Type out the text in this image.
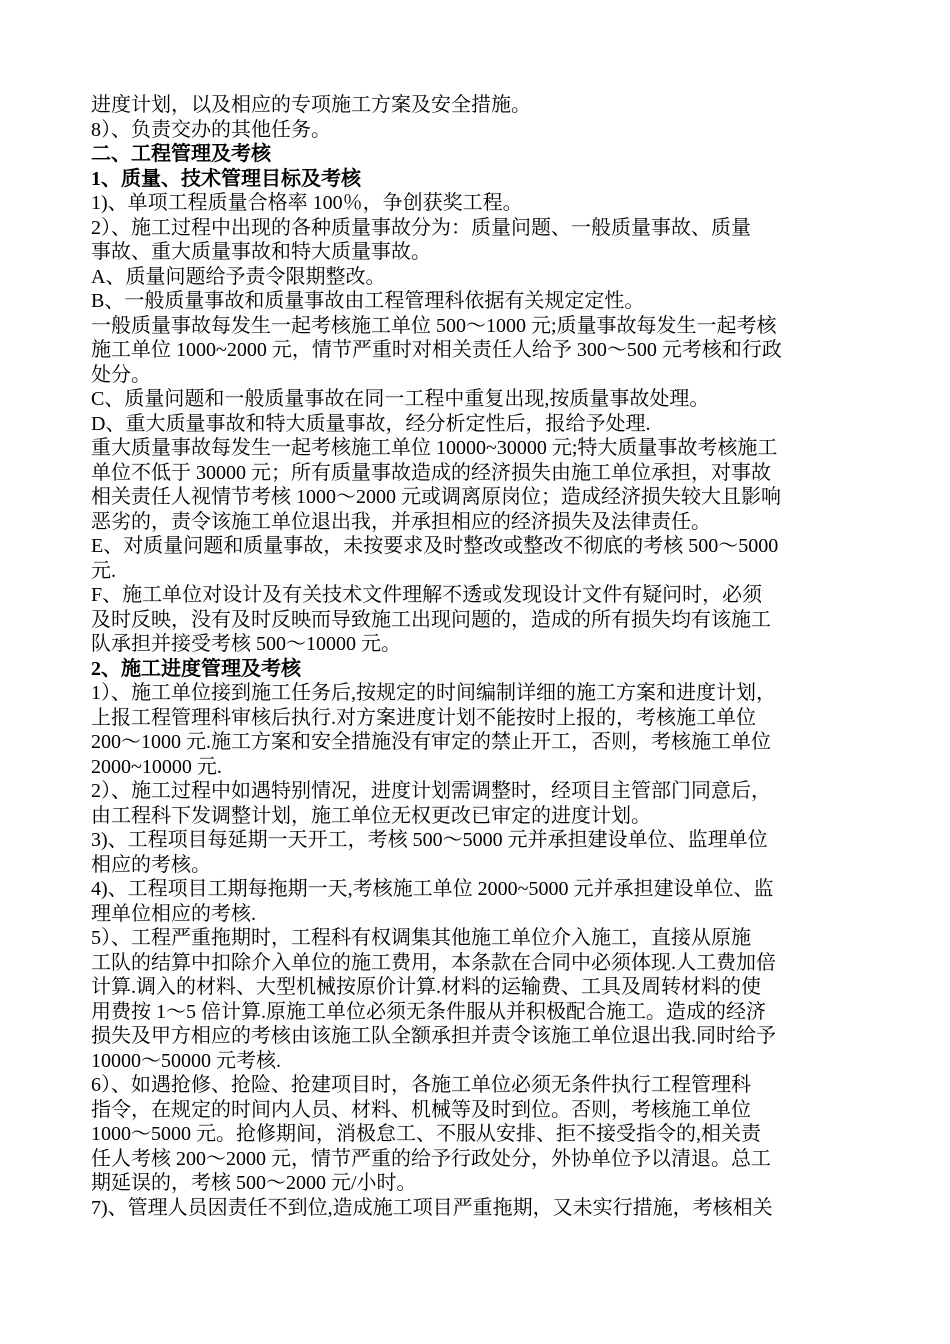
进度计划，以及相应的专项施工方案及安全措施。
8）、负责交办的其他任务。
二、工程管理及考核
1、质量、技术管理目标及考核
1)、单项工程质量合格率 100％，争创获奖工程。
2）、施工过程中出现的各种质量事故分为：质量问题、一般质量事故、质量
事故、重大质量事故和特大质量事故。
A、质量问题给予责令限期整改。
B、一般质量事故和质量事故由工程管理科依据有关规定定性。
一般质量事故每发生一起考核施工单位 500～1000 元;质量事故每发生一起考核
施工单位 1000~2000 元，情节严重时对相关责任人给予 300～500 元考核和行政
处分。
C、质量问题和一般质量事故在同一工程中重复出现,按质量事故处理。
D、重大质量事故和特大质量事故，经分析定性后，报给予处理.
重大质量事故每发生一起考核施工单位 10000~30000 元;特大质量事故考核施工
单位不低于 30000 元；所有质量事故造成的经济损失由施工单位承担，对事故
相关责任人视情节考核 1000～2000 元或调离原岗位；造成经济损失较大且影响
恶劣的，责令该施工单位退出我，并承担相应的经济损失及法律责任。
E、对质量问题和质量事故，未按要求及时整改或整改不彻底的考核 500～5000
元.
F、施工单位对设计及有关技术文件理解不透或发现设计文件有疑问时，必须
及时反映，没有及时反映而导致施工出现问题的，造成的所有损失均有该施工
队承担并接受考核 500～10000 元。
2、施工进度管理及考核
1）、施工单位接到施工任务后,按规定的时间编制详细的施工方案和进度计划，
上报工程管理科审核后执行.对方案进度计划不能按时上报的，考核施工单位
200～1000 元.施工方案和安全措施没有审定的禁止开工，否则，考核施工单位
2000~10000 元.
2）、施工过程中如遇特别情况，进度计划需调整时，经项目主管部门同意后，
由工程科下发调整计划，施工单位无权更改已审定的进度计划。
3)、工程项目每延期一天开工，考核 500～5000 元并承担建设单位、监理单位
相应的考核。
4)、工程项目工期每拖期一天,考核施工单位 2000~5000 元并承担建设单位、监
理单位相应的考核.
5）、工程严重拖期时，工程科有权调集其他施工单位介入施工，直接从原施
工队的结算中扣除介入单位的施工费用，本条款在合同中必须体现.人工费加倍
计算.调入的材料、大型机械按原价计算.材料的运输费、工具及周转材料的使
用费按 1～5 倍计算.原施工单位必须无条件服从并积极配合施工。造成的经济
损失及甲方相应的考核由该施工队全额承担并责令该施工单位退出我.同时给予
10000～50000 元考核.
6）、如遇抢修、抢险、抢建项目时，各施工单位必须无条件执行工程管理科
指令，在规定的时间内人员、材料、机械等及时到位。否则，考核施工单位
1000～5000 元。抢修期间，消极怠工、不服从安排、拒不接受指令的,相关责
任人考核 200～2000 元，情节严重的给予行政处分，外协单位予以清退。总工
期延误的，考核 500～2000 元/小时。
7)、管理人员因责任不到位,造成施工项目严重拖期，又未实行措施，考核相关
